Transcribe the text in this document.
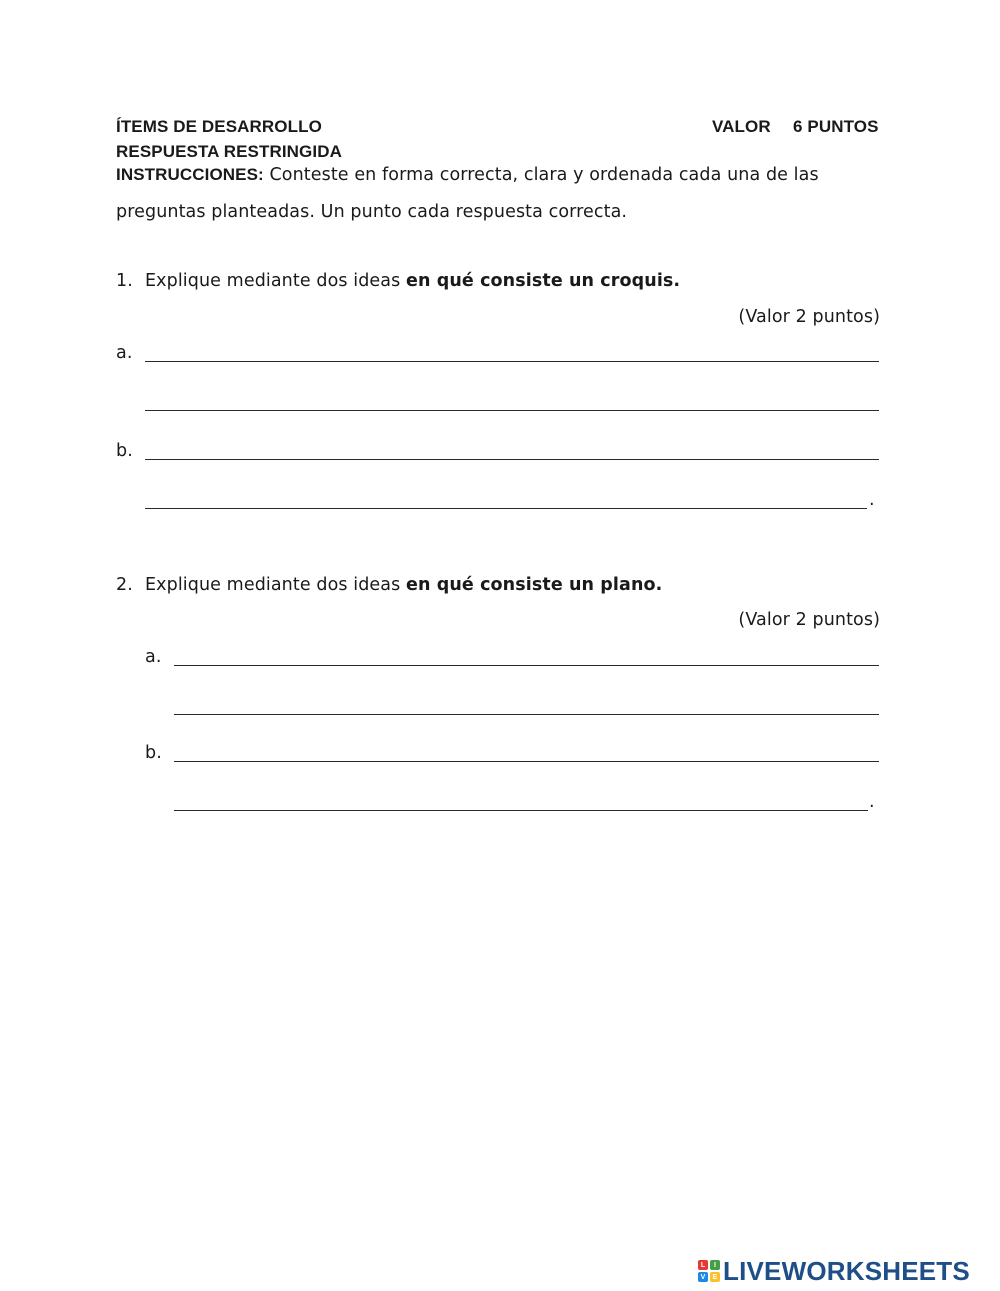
ÍTEMS DE DESARROLLO	VALOR 6 PUNTOS
RESPUESTA RESTRINGIDA
INSTRUCCIONES: Conteste en forma correcta, clara y ordenada cada una de las
preguntas planteadas. Un punto cada respuesta correcta.
1. Explique mediante dos ideas en qué consiste un croquis.
(Valor 2 puntos)
a.
b.
.
2. Explique mediante dos ideas en qué consiste un plano.
(Valor 2 puntos)
a.
b.
.
L	I
V	E LIVEWORKSHEETS
